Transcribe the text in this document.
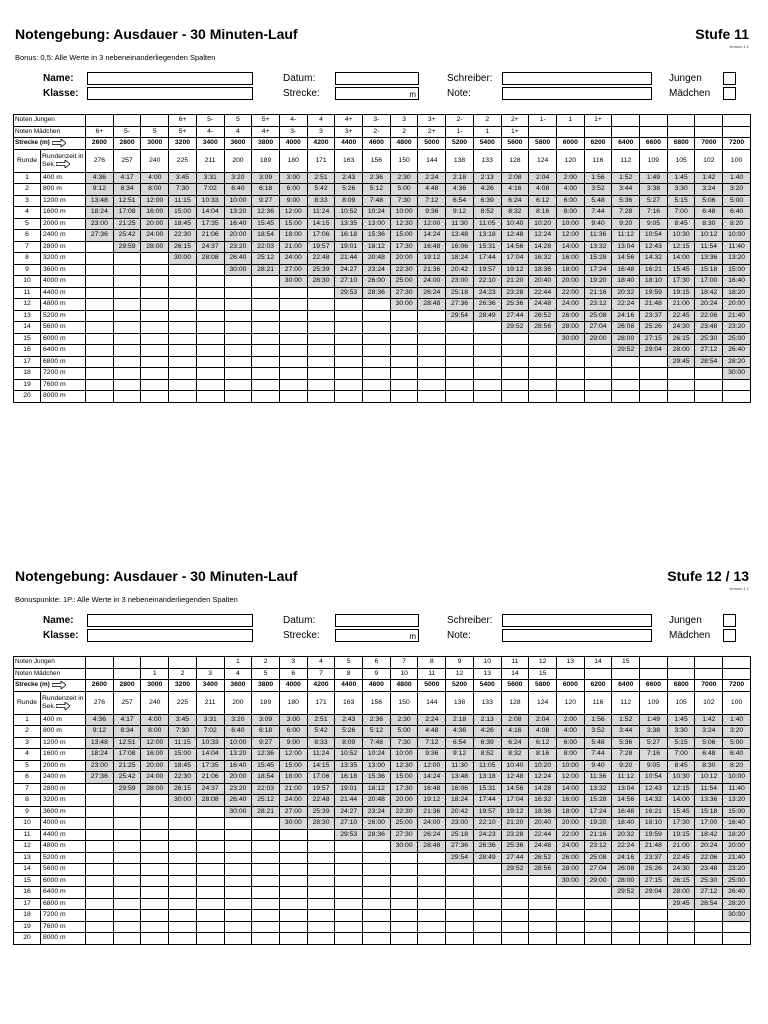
Notengebung: Ausdauer - 30 Minuten-Lauf	Stufe 11
Version 1.1
Bonus: 0,5: Alle Werte in 3 nebeneinanderliegenden Spalten
Name:
Klasse:
Datum:
Strecke:	m
Schreiber:
Note:
Jungen
Mädchen
Noten Jungen					6+	5-	5	5+	4-	4	4+	3-	3	3+	2-	2	2+	1-	1	1+					
Noten Mädchen		6+	5-	5	5+	4-	4	4+	3-	3	3+	2-	2	2+	1-	1	1+								
Strecke (m)		2600	2800	3000	3200	3400	3600	3800	4000	4200	4400	4600	4800	5000	5200	5400	5600	5800	6000	6200	6400	6600	6800	7000	7200
Runde	Rundenzeit in Sek.	276	257	240	225	211	200	189	180	171	163	156	150	144	138	133	128	124	120	116	112	109	105	102	100
1	400 m	4:36	4:17	4:00	3:45	3:31	3:20	3:09	3:00	2:51	2:43	2:36	2:30	2:24	2:18	2:13	2:08	2:04	2:00	1:56	1:52	1:49	1:45	1:42	1:40
2	800 m	9:12	8:34	8:00	7:30	7:02	6:40	6:18	6:00	5:42	5:26	5:12	5:00	4:48	4:36	4:26	4:16	4:08	4:00	3:52	3:44	3:38	3:30	3:24	3:20
3	1200 m	13:48	12:51	12:00	11:15	10:33	10:00	9:27	9:00	8:33	8:09	7:48	7:30	7:12	6:54	6:39	6:24	6:12	6:00	5:48	5:36	5:27	5:15	5:06	5:00
4	1600 m	18:24	17:08	16:00	15:00	14:04	13:20	12:36	12:00	11:24	10:52	10:24	10:00	9:36	9:12	8:52	8:32	8:16	8:00	7:44	7:28	7:16	7:00	6:48	6:40
5	2000 m	23:00	21:25	20:00	18:45	17:35	16:40	15:45	15:00	14:15	13:35	13:00	12:30	12:00	11:30	11:05	10:40	10:20	10:00	9:40	9:20	9:05	8:45	8:30	8:20
6	2400 m	27:36	25:42	24:00	22:30	21:06	20:00	18:54	18:00	17:06	16:18	15:36	15:00	14:24	13:48	13:18	12:48	12:24	12:00	11:36	11:12	10:54	10:30	10:12	10:00
7	2800 m		29:59	28:00	26:15	24:37	23:20	22:03	21:00	19:57	19:01	18:12	17:30	16:48	16:06	15:31	14:56	14:28	14:00	13:32	13:04	12:43	12:15	11:54	11:40
8	3200 m				30:00	28:08	26:40	25:12	24:00	22:48	21:44	20:48	20:00	19:12	18:24	17:44	17:04	16:32	16:00	15:28	14:56	14:32	14:00	13:36	13:20
9	3600 m						30:00	28:21	27:00	25:39	24:27	23:24	22:30	21:36	20:42	19:57	19:12	18:36	18:00	17:24	16:48	16:21	15:45	15:18	15:00
10	4000 m								30:00	28:30	27:10	26:00	25:00	24:00	23:00	22:10	21:20	20:40	20:00	19:20	18:40	18:10	17:30	17:00	16:40
11	4400 m										29:53	28:36	27:30	26:24	25:18	24:23	23:28	22:44	22:00	21:16	20:32	19:59	19:15	18:42	18:20
12	4800 m												30:00	28:48	27:36	26:36	25:36	24:48	24:00	23:12	22:24	21:48	21:00	20:24	20:00
13	5200 m														29:54	28:49	27:44	26:52	26:00	25:08	24:16	23:37	22:45	22:06	21:40
14	5600 m																29:52	28:56	28:00	27:04	26:08	25:26	24:30	23:48	23:20
15	6000 m																		30:00	29:00	28:00	27:15	26:15	25:30	25:00
16	6400 m																				29:52	29:04	28:00	27:12	26:40
17	6800 m																						29:45	28:54	28:20
18	7200 m																								30:00
19	7600 m																								
20	8000 m																								
Notengebung: Ausdauer - 30 Minuten-Lauf	Stufe 12 / 13
Version 1.1
Bonuspunkte: 1P.: Alle Werte in 3 nebeneinanderliegenden Spalten
Name:
Klasse:
Datum:
Strecke:	m
Schreiber:
Note:
Jungen
Mädchen
Noten Jungen							1	2	3	4	5	6	7	8	9	10	11	12	13	14	15				
Noten Mädchen				1	2	3	4	5	6	7	8	9	10	11	12	13	14	15							
Strecke (m)		2600	2800	3000	3200	3400	3600	3800	4000	4200	4400	4600	4800	5000	5200	5400	5600	5800	6000	6200	6400	6600	6800	7000	7200
Runde	Rundenzeit in Sek.	276	257	240	225	211	200	189	180	171	163	156	150	144	138	133	128	124	120	116	112	109	105	102	100
1	400 m	4:36	4:17	4:00	3:45	3:31	3:20	3:09	3:00	2:51	2:43	2:36	2:30	2:24	2:18	2:13	2:08	2:04	2:00	1:56	1:52	1:49	1:45	1:42	1:40
2	800 m	9:12	8:34	8:00	7:30	7:02	6:40	6:18	6:00	5:42	5:26	5:12	5:00	4:48	4:36	4:26	4:16	4:08	4:00	3:52	3:44	3:38	3:30	3:24	3:20
3	1200 m	13:48	12:51	12:00	11:15	10:33	10:00	9:27	9:00	8:33	8:09	7:48	7:30	7:12	6:54	6:39	6:24	6:12	6:00	5:48	5:36	5:27	5:15	5:06	5:00
4	1600 m	18:24	17:08	16:00	15:00	14:04	13:20	12:36	12:00	11:24	10:52	10:24	10:00	9:36	9:12	8:52	8:32	8:16	8:00	7:44	7:28	7:16	7:00	6:48	6:40
5	2000 m	23:00	21:25	20:00	18:45	17:35	16:40	15:45	15:00	14:15	13:35	13:00	12:30	12:00	11:30	11:05	10:40	10:20	10:00	9:40	9:20	9:05	8:45	8:30	8:20
6	2400 m	27:36	25:42	24:00	22:30	21:06	20:00	18:54	18:00	17:06	16:18	15:36	15:00	14:24	13:48	13:18	12:48	12:24	12:00	11:36	11:12	10:54	10:30	10:12	10:00
7	2800 m		29:59	28:00	26:15	24:37	23:20	22:03	21:00	19:57	19:01	18:12	17:30	16:48	16:06	15:31	14:56	14:28	14:00	13:32	13:04	12:43	12:15	11:54	11:40
8	3200 m				30:00	28:08	26:40	25:12	24:00	22:48	21:44	20:48	20:00	19:12	18:24	17:44	17:04	16:32	16:00	15:28	14:56	14:32	14:00	13:36	13:20
9	3600 m						30:00	28:21	27:00	25:39	24:27	23:24	22:30	21:36	20:42	19:57	19:12	18:36	18:00	17:24	16:48	16:21	15:45	15:18	15:00
10	4000 m								30:00	28:30	27:10	26:00	25:00	24:00	23:00	22:10	21:20	20:40	20:00	19:20	18:40	18:10	17:30	17:00	16:40
11	4400 m										29:53	28:36	27:30	26:24	25:18	24:23	23:28	22:44	22:00	21:16	20:32	19:59	19:15	18:42	18:20
12	4800 m												30:00	28:48	27:36	26:36	25:36	24:48	24:00	23:12	22:24	21:48	21:00	20:24	20:00
13	5200 m														29:54	28:49	27:44	26:52	26:00	25:08	24:16	23:37	22:45	22:06	21:40
14	5600 m																29:52	28:56	28:00	27:04	26:08	25:26	24:30	23:48	23:20
15	6000 m																		30:00	29:00	28:00	27:15	26:15	25:30	25:00
16	6400 m																				29:52	29:04	28:00	27:12	26:40
17	6800 m																						29:45	28:54	28:20
18	7200 m																								30:00
19	7600 m																								
20	8000 m																								
